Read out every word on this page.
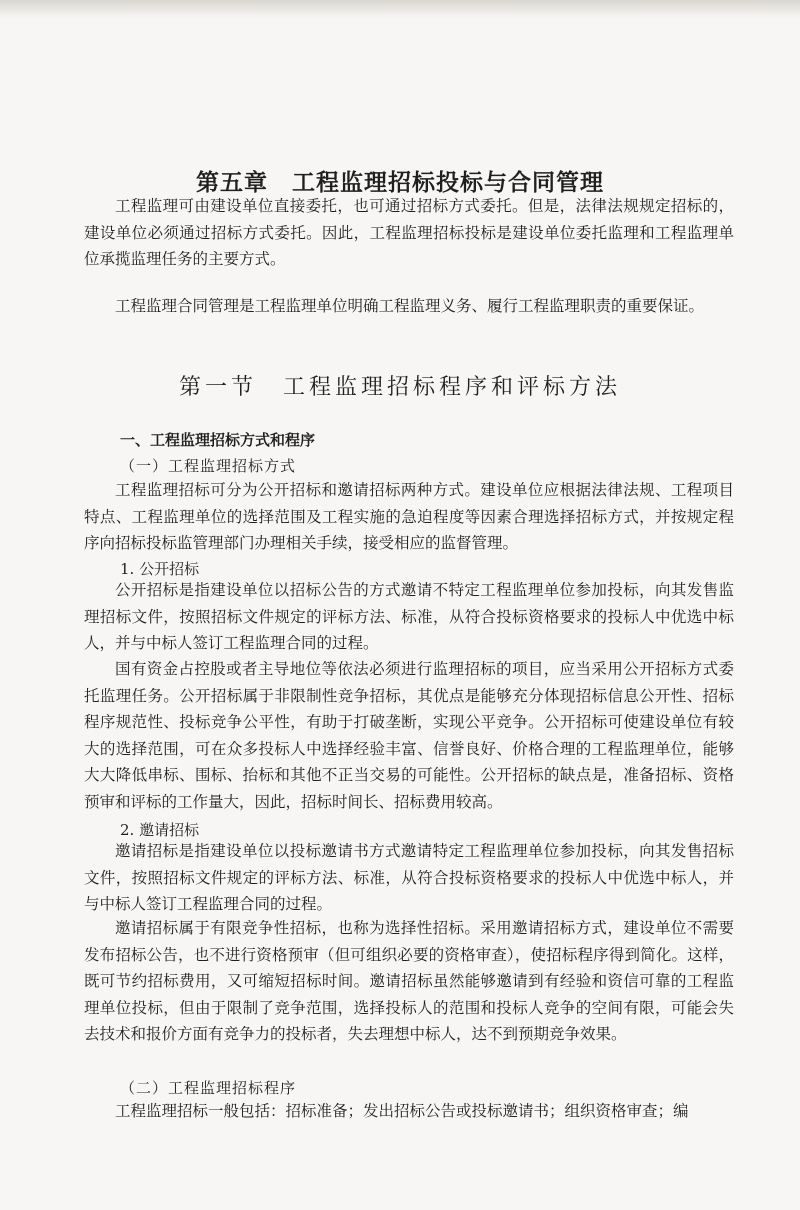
第五章　工程监理招标投标与合同管理

工程监理可由建设单位直接委托，也可通过招标方式委托。但是，法律法规规定招标的，建设单位必须通过招标方式委托。因此，工程监理招标投标是建设单位委托监理和工程监理单位承揽监理任务的主要方式。

工程监理合同管理是工程监理单位明确工程监理义务、履行工程监理职责的重要保证。

第一节　工程监理招标程序和评标方法
一、工程监理招标方式和程序
（一）工程监理招标方式

工程监理招标可分为公开招标和邀请招标两种方式。建设单位应根据法律法规、工程项目特点、工程监理单位的选择范围及工程实施的急迫程度等因素合理选择招标方式，并按规定程序向招标投标监管理部门办理相关手续，接受相应的监督管理。

1. 公开招标

公开招标是指建设单位以招标公告的方式邀请不特定工程监理单位参加投标，向其发售监理招标文件，按照招标文件规定的评标方法、标准，从符合投标资格要求的投标人中优选中标人，并与中标人签订工程监理合同的过程。

国有资金占控股或者主导地位等依法必须进行监理招标的项目，应当采用公开招标方式委托监理任务。公开招标属于非限制性竞争招标，其优点是能够充分体现招标信息公开性、招标程序规范性、投标竞争公平性，有助于打破垄断，实现公平竞争。公开招标可使建设单位有较大的选择范围，可在众多投标人中选择经验丰富、信誉良好、价格合理的工程监理单位，能够大大降低串标、围标、抬标和其他不正当交易的可能性。公开招标的缺点是，准备招标、资格预审和评标的工作量大，因此，招标时间长、招标费用较高。

2. 邀请招标

邀请招标是指建设单位以投标邀请书方式邀请特定工程监理单位参加投标，向其发售招标文件，按照招标文件规定的评标方法、标准，从符合投标资格要求的投标人中优选中标人，并与中标人签订工程监理合同的过程。

邀请招标属于有限竞争性招标，也称为选择性招标。采用邀请招标方式，建设单位不需要发布招标公告，也不进行资格预审（但可组织必要的资格审查），使招标程序得到简化。这样，既可节约招标费用，又可缩短招标时间。邀请招标虽然能够邀请到有经验和资信可靠的工程监理单位投标，但由于限制了竞争范围，选择投标人的范围和投标人竞争的空间有限，可能会失去技术和报价方面有竞争力的投标者，失去理想中标人，达不到预期竞争效果。

（二）工程监理招标程序

工程监理招标一般包括：招标准备；发出招标公告或投标邀请书；组织资格审查；编
